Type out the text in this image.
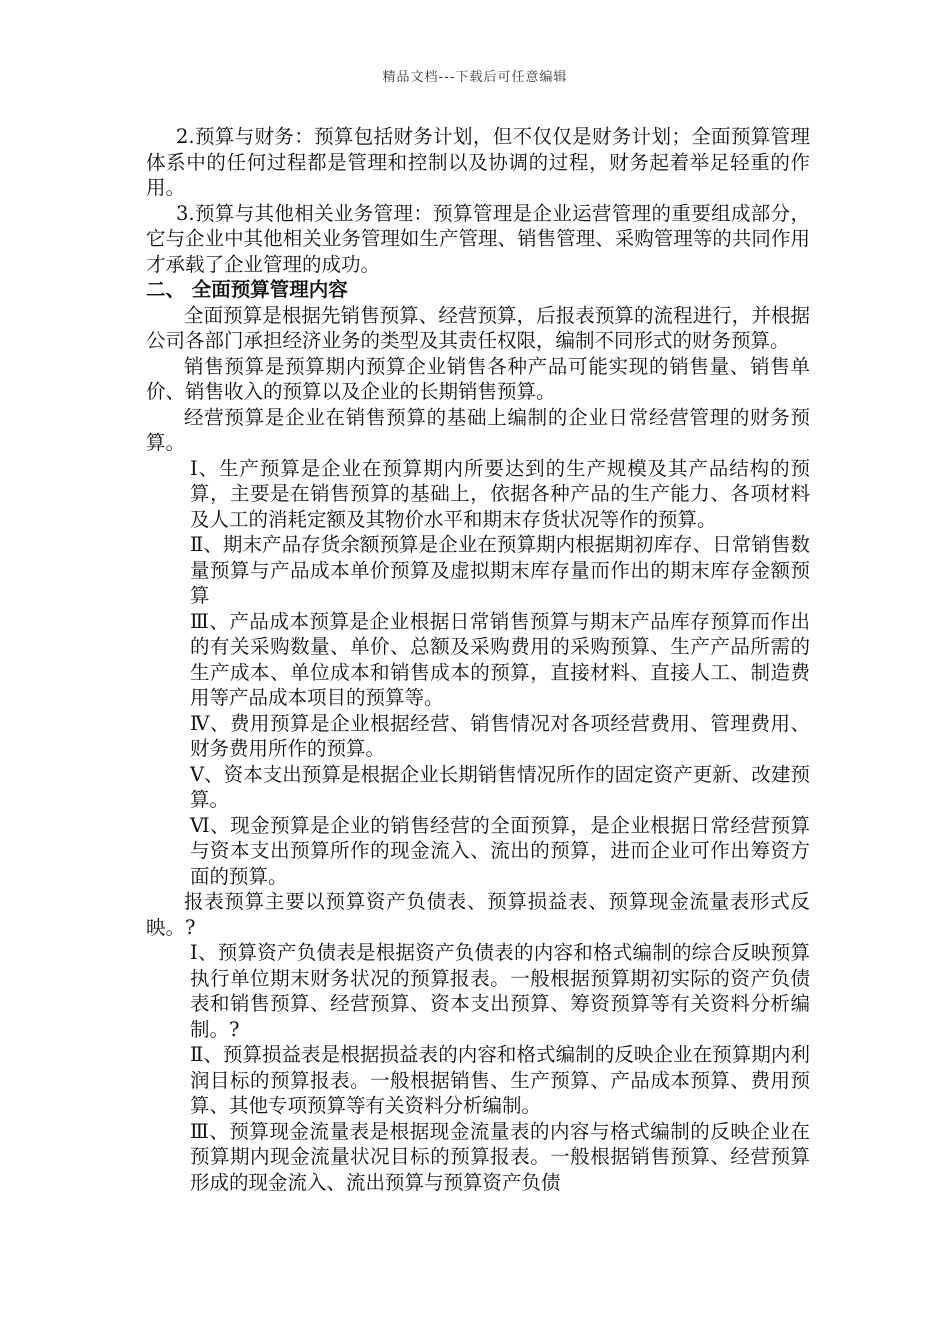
精品文档---下载后可任意编辑

2.预算与财务：预算包括财务计划，但不仅仅是财务计划；全面预算管理体系中的任何过程都是管理和控制以及协调的过程，财务起着举足轻重的作用。

3.预算与其他相关业务管理：预算管理是企业运营管理的重要组成部分，它与企业中其他相关业务管理如生产管理、销售管理、采购管理等的共同作用才承载了企业管理的成功。

二、 全面预算管理内容

全面预算是根据先销售预算、经营预算，后报表预算的流程进行，并根据公司各部门承担经济业务的类型及其责任权限，编制不同形式的财务预算。

销售预算是预算期内预算企业销售各种产品可能实现的销售量、销售单价、销售收入的预算以及企业的长期销售预算。

经营预算是企业在销售预算的基础上编制的企业日常经营管理的财务预算。

Ⅰ、生产预算是企业在预算期内所要达到的生产规模及其产品结构的预算，主要是在销售预算的基础上，依据各种产品的生产能力、各项材料及人工的消耗定额及其物价水平和期末存货状况等作的预算。

Ⅱ、期末产品存货余额预算是企业在预算期内根据期初库存、日常销售数量预算与产品成本单价预算及虚拟期末库存量而作出的期末库存金额预算

Ⅲ、产品成本预算是企业根据日常销售预算与期末产品库存预算而作出的有关采购数量、单价、总额及采购费用的采购预算、生产产品所需的生产成本、单位成本和销售成本的预算，直接材料、直接人工、制造费用等产品成本项目的预算等。

Ⅳ、费用预算是企业根据经营、销售情况对各项经营费用、管理费用、财务费用所作的预算。

Ⅴ、资本支出预算是根据企业长期销售情况所作的固定资产更新、改建预算。

Ⅵ、现金预算是企业的销售经营的全面预算，是企业根据日常经营预算与资本支出预算所作的现金流入、流出的预算，进而企业可作出筹资方面的预算。

报表预算主要以预算资产负债表、预算损益表、预算现金流量表形式反映。?

Ⅰ、预算资产负债表是根据资产负债表的内容和格式编制的综合反映预算执行单位期末财务状况的预算报表。一般根据预算期初实际的资产负债表和销售预算、经营预算、资本支出预算、筹资预算等有关资料分析编制。?

Ⅱ、预算损益表是根据损益表的内容和格式编制的反映企业在预算期内利润目标的预算报表。一般根据销售、生产预算、产品成本预算、费用预算、其他专项预算等有关资料分析编制。

Ⅲ、预算现金流量表是根据现金流量表的内容与格式编制的反映企业在预算期内现金流量状况目标的预算报表。一般根据销售预算、经营预算形成的现金流入、流出预算与预算资产负债
